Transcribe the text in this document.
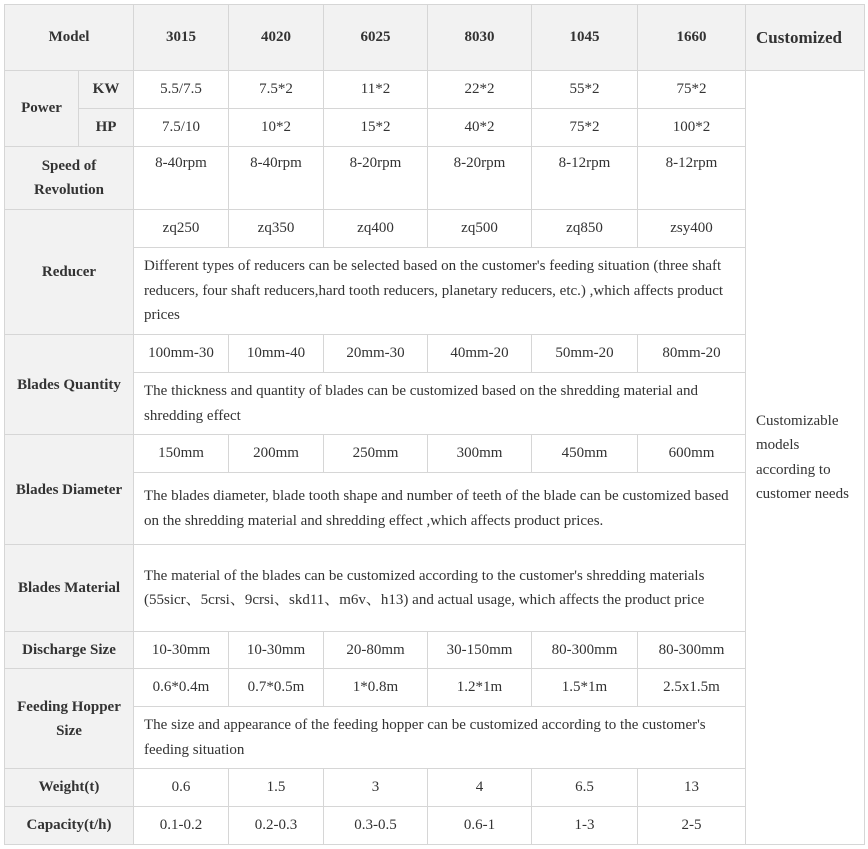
Model		3015	4020	6025	8030	1045	1660	Customized
Power	KW	5.5/7.5	7.5*2	11*2	22*2	55*2	75*2	Customizable models according to customer needs
	HP	7.5/10	10*2	15*2	40*2	75*2	100*2	
Speed of Revolution		8-40rpm	8-40rpm	8-20rpm	8-20rpm	8-12rpm	8-12rpm	
Reducer		zq250	zq350	zq400	zq500	zq850	zsy400	
		Different types of reducers can be selected based on the customer's feeding situation (three shaft reducers, four shaft reducers,hard tooth reducers, planetary reducers, etc.) ,which affects product prices						
Blades Quantity		100mm-30	10mm-40	20mm-30	40mm-20	50mm-20	80mm-20	
		The thickness and quantity of blades can be customized based on the shredding material and shredding effect						
Blades Diameter		150mm	200mm	250mm	300mm	450mm	600mm	
		The blades diameter, blade tooth shape and number of teeth of the blade can be customized based on the shredding material and shredding effect ,which affects product prices.						
Blades Material		The material of the blades can be customized according to the customer's shredding materials (55sicr、5crsi、9crsi、skd11、m6v、h13) and actual usage, which affects the product price						
Discharge Size		10-30mm	10-30mm	20-80mm	30-150mm	80-300mm	80-300mm	
Feeding Hopper Size		0.6*0.4m	0.7*0.5m	1*0.8m	1.2*1m	1.5*1m	2.5x1.5m	
		The size and appearance of the feeding hopper can be customized according to the customer's feeding situation						
Weight(t)		0.6	1.5	3	4	6.5	13	
Capacity(t/h)		0.1-0.2	0.2-0.3	0.3-0.5	0.6-1	1-3	2-5	
